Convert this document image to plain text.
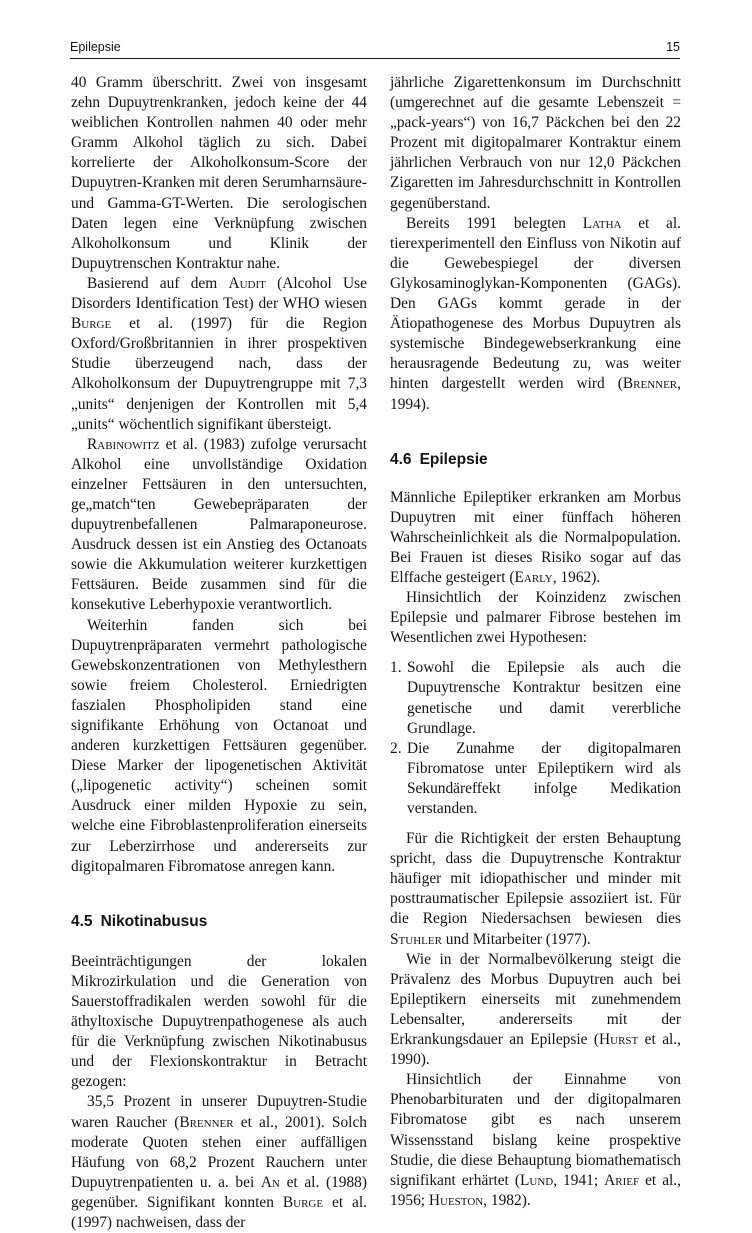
Epilepsie	15

40 Gramm überschritt. Zwei von insgesamt zehn Dupuytrenkranken, jedoch keine der 44 weiblichen Kontrollen nahmen 40 oder mehr Gramm Alkohol täglich zu sich. Dabei korrelierte der Alkoholkonsum-Score der Dupuytren-Kranken mit deren Serumharnsäure- und Gamma-GT-Werten. Die serologischen Daten legen eine Verknüpfung zwischen Alkoholkonsum und Klinik der Dupuytrenschen Kontraktur nahe.

Basierend auf dem Audit (Alcohol Use Disorders Identification Test) der WHO wiesen Burge et al. (1997) für die Region Oxford/Großbritannien in ihrer prospektiven Studie überzeugend nach, dass der Alkoholkonsum der Dupuytrengruppe mit 7,3 „units“ denjenigen der Kontrollen mit 5,4 „units“ wöchentlich signifikant übersteigt.

Rabinowitz et al. (1983) zufolge verursacht Alkohol eine unvollständige Oxidation einzelner Fettsäuren in den untersuchten, ge„match“ten Gewebepräparaten der dupuytrenbefallenen Palmaraponeurose. Ausdruck dessen ist ein Anstieg des Octanoats sowie die Akkumulation weiterer kurzkettigen Fettsäuren. Beide zusammen sind für die konsekutive Leberhypoxie verantwortlich.

Weiterhin fanden sich bei Dupuytrenpräparaten vermehrt pathologische Gewebskonzentrationen von Methylesthern sowie freiem Cholesterol. Erniedrigten faszialen Phospholipiden stand eine signifikante Erhöhung von Octanoat und anderen kurzkettigen Fettsäuren gegenüber. Diese Marker der lipogenetischen Aktivität („lipogenetic activity“) scheinen somit Ausdruck einer milden Hypoxie zu sein, welche eine Fibroblastenproliferation einerseits zur Leberzirrhose und andererseits zur digitopalmaren Fibromatose anregen kann.

4.5 Nikotinabusus

Beeinträchtigungen der lokalen Mikrozirkulation und die Generation von Sauerstoffradikalen werden sowohl für die äthyltoxische Dupuytrenpathogenese als auch für die Verknüpfung zwischen Nikotinabusus und der Flexionskontraktur in Betracht gezogen:

35,5 Prozent in unserer Dupuytren-Studie waren Raucher (Brenner et al., 2001). Solch moderate Quoten stehen einer auffälligen Häufung von 68,2 Prozent Rauchern unter Dupuytrenpatienten u. a. bei An et al. (1988) gegenüber. Signifikant konnten Burge et al. (1997) nachweisen, dass der

jährliche Zigarettenkonsum im Durchschnitt (umgerechnet auf die gesamte Lebenszeit = „pack-years“) von 16,7 Päckchen bei den 22 Prozent mit digitopalmarer Kontraktur einem jährlichen Verbrauch von nur 12,0 Päckchen Zigaretten im Jahresdurchschnitt in Kontrollen gegenüberstand.

Bereits 1991 belegten Latha et al. tierexperimentell den Einfluss von Nikotin auf die Gewebespiegel der diversen Glykosaminoglykan-Komponenten (GAGs). Den GAGs kommt gerade in der Ätiopathogenese des Morbus Dupuytren als systemische Bindegewebserkrankung eine herausragende Bedeutung zu, was weiter hinten dargestellt werden wird (Brenner, 1994).

4.6 Epilepsie

Männliche Epileptiker erkranken am Morbus Dupuytren mit einer fünffach höheren Wahrscheinlichkeit als die Normalpopulation. Bei Frauen ist dieses Risiko sogar auf das Elffache gesteigert (Early, 1962).

Hinsichtlich der Koinzidenz zwischen Epilepsie und palmarer Fibrose bestehen im Wesentlichen zwei Hypothesen:

1. Sowohl die Epilepsie als auch die Dupuytrensche Kontraktur besitzen eine genetische und damit vererbliche Grundlage.
2. Die Zunahme der digitopalmaren Fibromatose unter Epileptikern wird als Sekundäreffekt infolge Medikation verstanden.

Für die Richtigkeit der ersten Behauptung spricht, dass die Dupuytrensche Kontraktur häufiger mit idiopathischer und minder mit posttraumatischer Epilepsie assoziiert ist. Für die Region Niedersachsen bewiesen dies Stuhler und Mitarbeiter (1977).

Wie in der Normalbevölkerung steigt die Prävalenz des Morbus Dupuytren auch bei Epileptikern einerseits mit zunehmendem Lebensalter, andererseits mit der Erkrankungsdauer an Epilepsie (Hurst et al., 1990).

Hinsichtlich der Einnahme von Phenobarbituraten und der digitopalmaren Fibromatose gibt es nach unserem Wissensstand bislang keine prospektive Studie, die diese Behauptung biomathematisch signifikant erhärtet (Lund, 1941; Arief et al., 1956; Hueston, 1982).
